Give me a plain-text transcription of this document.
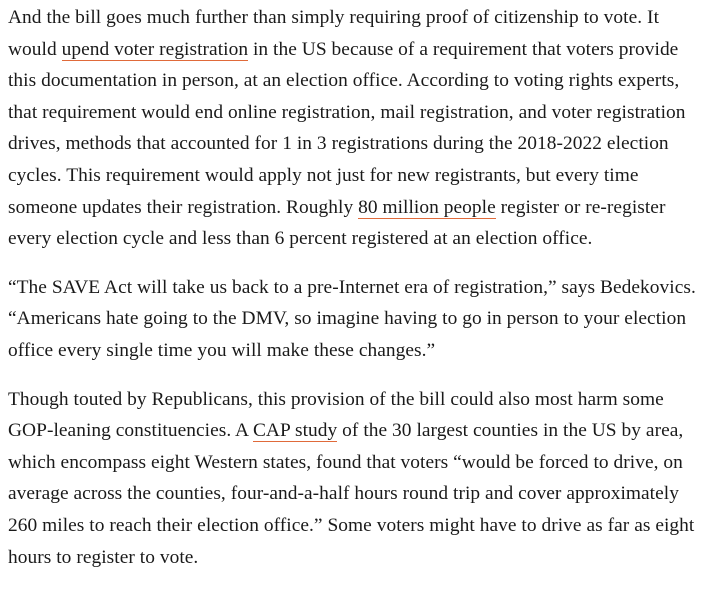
And the bill goes much further than simply requiring proof of citizenship to vote. It would upend voter registration in the US because of a requirement that voters provide this documentation in person, at an election office. According to voting rights experts, that requirement would end online registration, mail registration, and voter registration drives, methods that accounted for 1 in 3 registrations during the 2018-2022 election cycles. This requirement would apply not just for new registrants, but every time someone updates their registration. Roughly 80 million people register or re-register every election cycle and less than 6 percent registered at an election office.

“The SAVE Act will take us back to a pre-Internet era of registration,” says Bedekovics. “Americans hate going to the DMV, so imagine having to go in person to your election office every single time you will make these changes.”

Though touted by Republicans, this provision of the bill could also most harm some GOP-leaning constituencies. A CAP study of the 30 largest counties in the US by area, which encompass eight Western states, found that voters “would be forced to drive, on average across the counties, four-and-a-half hours round trip and cover approximately 260 miles to reach their election office.” Some voters might have to drive as far as eight hours to register to vote.
